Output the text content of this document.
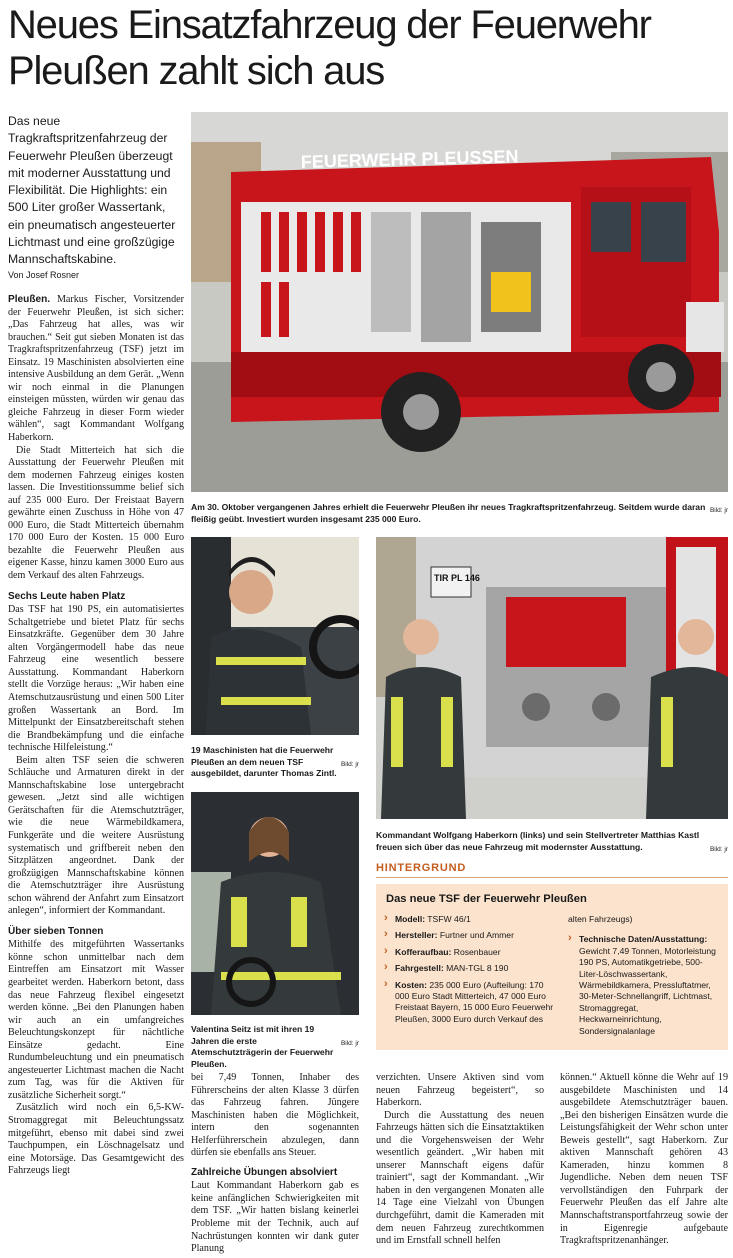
Neues Einsatzfahrzeug der Feuerwehr Pleußen zahlt sich aus

Das neue Tragkraftspritzenfahrzeug der Feuerwehr Pleußen überzeugt mit moderner Ausstattung und Flexibilität. Die Highlights: ein 500 Liter großer Wassertank, ein pneumatisch angesteuerter Lichtmast und eine großzügige Mannschaftskabine.

Von Josef Rosner

Pleußen. Markus Fischer, Vorsitzender der Feuerwehr Pleußen, ist sich sicher: „Das Fahrzeug hat alles, was wir brauchen.“ Seit gut sieben Monaten ist das Tragkraftspritzenfahrzeug (TSF) jetzt im Einsatz. 19 Maschinisten absolvierten eine intensive Ausbildung an dem Gerät. „Wenn wir noch einmal in die Planungen einsteigen müssten, würden wir genau das gleiche Fahrzeug in dieser Form wieder wählen“, sagt Kommandant Wolfgang Haberkorn.

Die Stadt Mitterteich hat sich die Ausstattung der Feuerwehr Pleußen mit dem modernen Fahrzeug einiges kosten lassen. Die Investitionssumme belief sich auf 235 000 Euro. Der Freistaat Bayern gewährte einen Zuschuss in Höhe von 47 000 Euro, die Stadt Mitterteich übernahm 170 000 Euro der Kosten. 15 000 Euro bezahlte die Feuerwehr Pleußen aus eigener Kasse, hinzu kamen 3000 Euro aus dem Verkauf des alten Fahrzeugs.

Sechs Leute haben Platz

Das TSF hat 190 PS, ein automatisiertes Schaltgetriebe und bietet Platz für sechs Einsatzkräfte. Gegenüber dem 30 Jahre alten Vorgängermodell habe das neue Fahrzeug eine wesentlich bessere Ausstattung. Kommandant Haberkorn stellt die Vorzüge heraus: „Wir haben eine Atemschutzausrüstung und einen 500 Liter großen Wassertank an Bord. Im Mittelpunkt der Einsatzbereitschaft stehen die Brandbekämpfung und die einfache technische Hilfeleistung.“

Beim alten TSF seien die schweren Schläuche und Armaturen direkt in der Mannschaftskabine lose untergebracht gewesen. „Jetzt sind alle wichtigen Gerätschaften für die Atemschutzträger, wie die neue Wärmebildkamera, Funkgeräte und die weitere Ausrüstung systematisch und griffbereit neben den Sitzplätzen angeordnet. Dank der großzügigen Mannschaftskabine können die Atemschutzträger ihre Ausrüstung schon während der Anfahrt zum Einsatzort anlegen“, informiert der Kommandant.

Über sieben Tonnen

Mithilfe des mitgeführten Wassertanks könne schon unmittelbar nach dem Eintreffen am Einsatzort mit Wasser gearbeitet werden. Haberkorn betont, dass das neue Fahrzeug flexibel eingesetzt werden könne. „Bei den Planungen haben wir auch an ein umfangreiches Beleuchtungskonzept für nächtliche Einsätze gedacht. Eine Rundumbeleuchtung und ein pneumatisch angesteuerter Lichtmast machen die Nacht zum Tag, was für die Aktiven für zusätzliche Sicherheit sorgt.“

Zusätzlich wird noch ein 6,5-KW-Stromaggregat mit Beleuchtungssatz mitgeführt, ebenso mit dabei sind zwei Tauchpumpen, ein Löschnagelsatz und eine Motorsäge. Das Gesamtgewicht des Fahrzeugs liegt

FEUERWEHR PLEUSSEN
Bild: jr
Am 30. Oktober vergangenen Jahres erhielt die Feuerwehr Pleußen ihr neues Tragkraftspritzenfahrzeug. Seitdem wurde daran fleißig geübt. Investiert wurden insgesamt 235 000 Euro.
Bild: jr
19 Maschinisten hat die Feuerwehr Pleußen an dem neuen TSF ausgebildet, darunter Thomas Zintl.
Bild: jr
Valentina Seitz ist mit ihren 19 Jahren die erste Atemschutzträgerin der Feuerwehr Pleußen.
TIR PL 146
Bild: jr
Kommandant Wolfgang Haberkorn (links) und sein Stellvertreter Matthias Kastl freuen sich über das neue Fahrzeug mit modernster Ausstattung.
HINTERGRUND
Das neue TSF der Feuerwehr Pleußen
› Modell: TSFW 46/1
› Hersteller: Furtner und Ammer
› Kofferaufbau: Rosenbauer
› Fahrgestell: MAN-TGL 8 190
› Kosten: 235 000 Euro (Aufteilung: 170 000 Euro Stadt Mitterteich, 47 000 Euro Freistaat Bayern, 15 000 Euro Feuerwehr Pleußen, 3000 Euro durch Verkauf des
alten Fahrzeugs)
› Technische Daten/Ausstattung: Gewicht 7,49 Tonnen, Motorleistung 190 PS, Automatikgetriebe, 500-Liter-Löschwassertank, Wärmebildkamera, Pressluftatmer, 30-Meter-Schnellangriff, Lichtmast, Stromaggregat, Heckwarneinrichtung, Sondersignalanlage

bei 7,49 Tonnen, Inhaber des Führerscheins der alten Klasse 3 dürfen das Fahrzeug fahren. Jüngere Maschinisten haben die Möglichkeit, intern den sogenannten Helferführerschein abzulegen, dann dürfen sie ebenfalls ans Steuer.

Zahlreiche Übungen absolviert

Laut Kommandant Haberkorn gab es keine anfänglichen Schwierigkeiten mit dem TSF. „Wir hatten bislang keinerlei Probleme mit der Technik, auch auf Nachrüstungen konnten wir dank guter Planung

verzichten. Unsere Aktiven sind vom neuen Fahrzeug begeistert“, so Haberkorn.

Durch die Ausstattung des neuen Fahrzeugs hätten sich die Einsatztaktiken und die Vorgehensweisen der Wehr wesentlich geändert. „Wir haben mit unserer Mannschaft eigens dafür trainiert“, sagt der Kommandant. „Wir haben in den vergangenen Monaten alle 14 Tage eine Vielzahl von Übungen durchgeführt, damit die Kameraden mit dem neuen Fahrzeug zurechtkommen und im Ernstfall schnell helfen

können.“ Aktuell könne die Wehr auf 19 ausgebildete Maschinisten und 14 ausgebildete Atemschutzträger bauen. „Bei den bisherigen Einsätzen wurde die Leistungsfähigkeit der Wehr schon unter Beweis gestellt“, sagt Haberkorn. Zur aktiven Mannschaft gehören 43 Kameraden, hinzu kommen 8 Jugendliche. Neben dem neuen TSF vervollständigen den Fuhrpark der Feuerwehr Pleußen das elf Jahre alte Mannschaftstransportfahrzeug sowie der in Eigenregie aufgebaute Tragkraftspritzenanhänger.
